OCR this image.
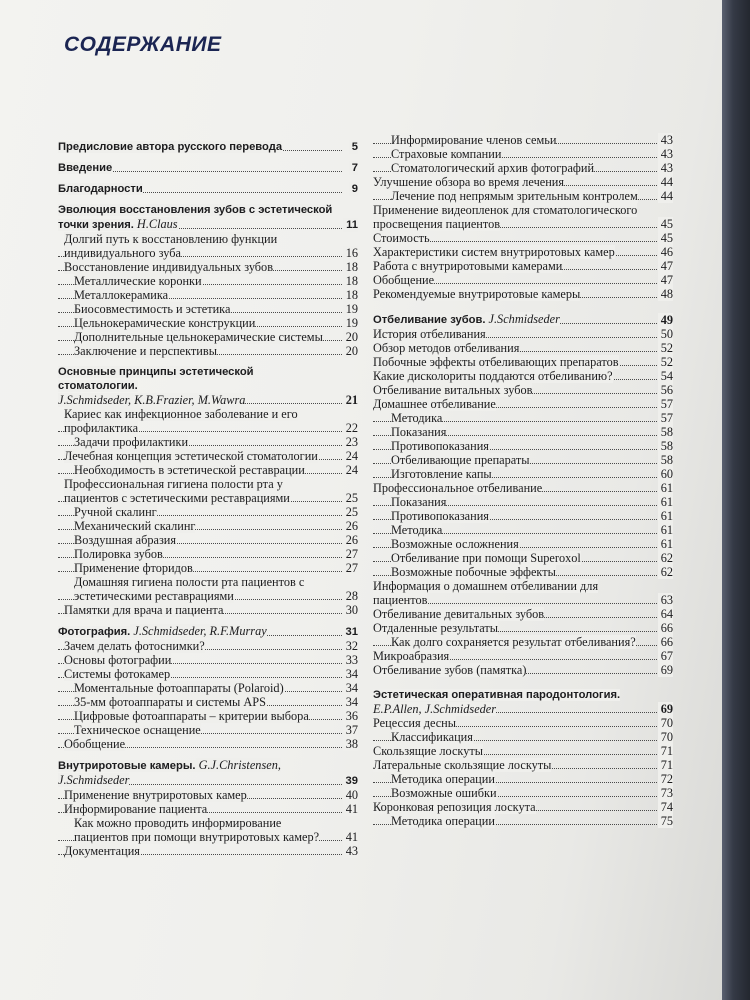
СОДЕРЖАНИЕ
Предисловие автора русского перевода	5
Введение	7
Благодарности	9
Эволюция восстановления зубов с эстетической точки зрения. H.Claus	11
Долгий путь к восстановлению функции индивидуального зуба	16
Восстановление индивидуальных зубов	18
Металлические коронки	18
Металлокерамика	18
Биосовместимость и эстетика	19
Цельнокерамические конструкции	19
Дополнительные цельнокерамические системы	20
Заключение и перспективы	20
Основные принципы эстетической стоматологии.
J.Schmidseder, K.B.Frazier, M.Wawra	21
Кариес как инфекционное заболевание и его профилактика	22
Задачи профилактики	23
Лечебная концепция эстетической стоматологии	24
Необходимость в эстетической реставрации	24
Профессиональная гигиена полости рта у пациентов с эстетическими реставрациями	25
Ручной скалинг	25
Механический скалинг	26
Воздушная абразия	26
Полировка зубов	27
Применение фторидов	27
Домашняя гигиена полости рта пациентов с эстетическими реставрациями	28
Памятки для врача и пациента	30
Фотография. J.Schmidseder, R.F.Murray	31
Зачем делать фотоснимки?	32
Основы фотографии	33
Системы фотокамер	34
Моментальные фотоаппараты (Polaroid)	34
35-мм фотоаппараты и системы APS	34
Цифровые фотоаппараты – критерии выбора	36
Техническое оснащение	37
Обобщение	38
Внутриротовые камеры. G.J.Christensen, J.Schmidseder	39
Применение внутриротовых камер	40
Информирование пациента	41
Как можно проводить информирование пациентов при помощи внутриротовых камер?	41
Документация	43
Информирование членов семьи	43
Страховые компании	43
Стоматологический архив фотографий	43
Улучшение обзора во время лечения	44
Лечение под непрямым зрительным контролем	44
Применение видеопленок для стоматологического просвещения пациентов	45
Стоимость	45
Характеристики систем внутриротовых камер	46
Работа с внутриротовыми камерами	47
Обобщение	47
Рекомендуемые внутриротовые камеры	48
Отбеливание зубов. J.Schmidseder	49
История отбеливания	50
Обзор методов отбеливания	52
Побочные эффекты отбеливающих препаратов	52
Какие дисколориты поддаются отбеливанию?	54
Отбеливание витальных зубов	56
Домашнее отбеливание	57
Методика	57
Показания	58
Противопоказания	58
Отбеливающие препараты	58
Изготовление капы	60
Профессиональное отбеливание	61
Показания	61
Противопоказания	61
Методика	61
Возможные осложнения	61
Отбеливание при помощи Superoxol	62
Возможные побочные эффекты	62
Информация о домашнем отбеливании для пациентов	63
Отбеливание девитальных зубов	64
Отдаленные результаты	66
Как долго сохраняется результат отбеливания?	66
Микроабразия	67
Отбеливание зубов (памятка)	69
Эстетическая оперативная пародонтология.
E.P.Allen, J.Schmidseder	69
Рецессия десны	70
Классификация	70
Скользящие лоскуты	71
Латеральные скользящие лоскуты	71
Методика операции	72
Возможные ошибки	73
Коронковая репозиция лоскута	74
Методика операции	75
